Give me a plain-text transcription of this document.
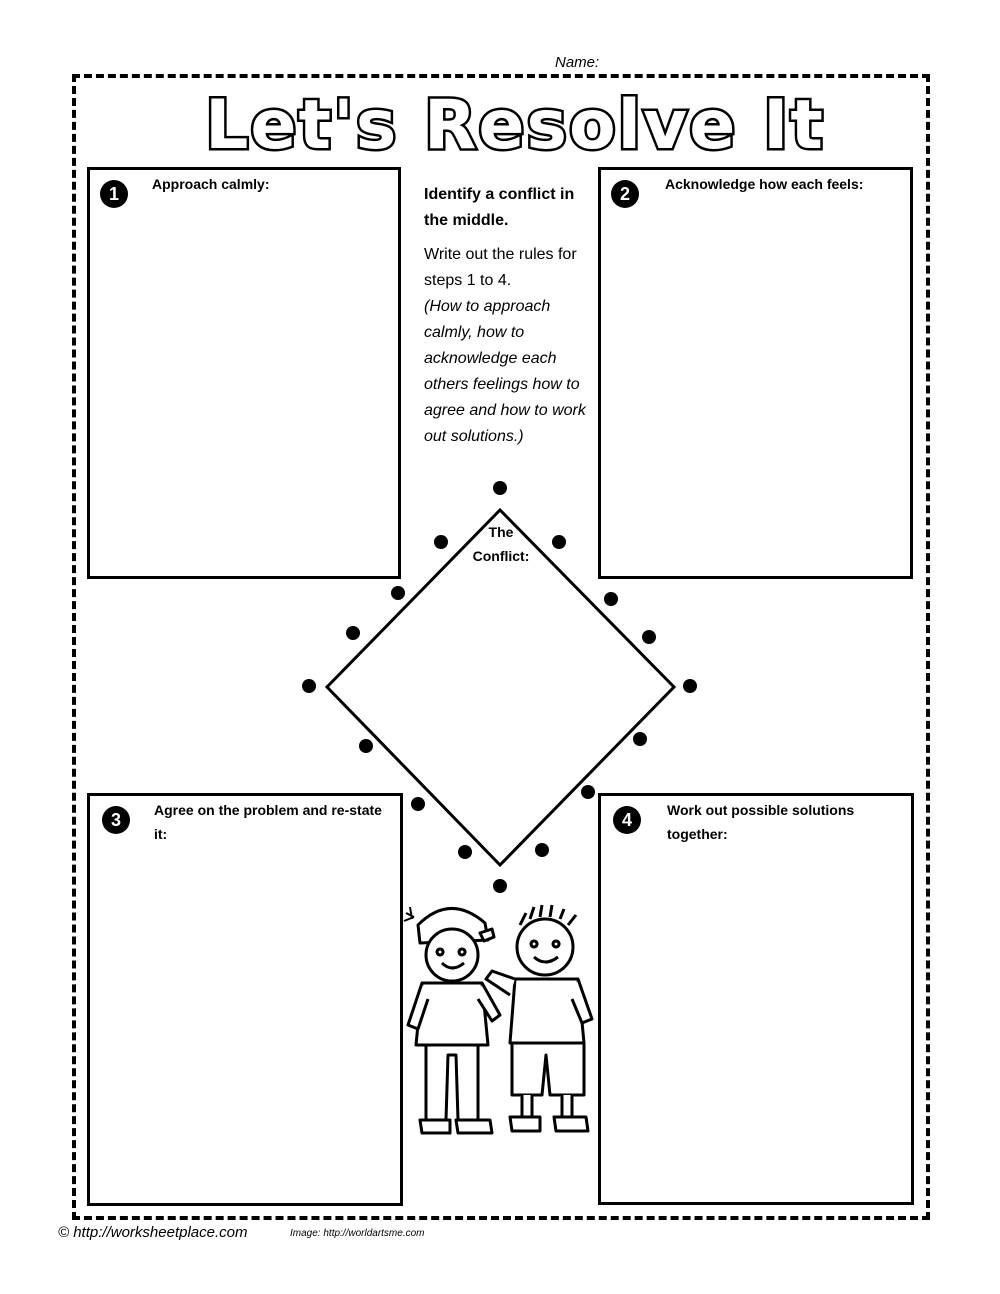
Name:
Let's Resolve It
1	Approach calmly:	2	Acknowledge how each feels:
3	Agree on the problem and re-state it:
4	Work out possible solutions together:
Identify a conflict in the middle.
Write out the rules for steps 1 to 4.
(How to approach calmly, how to acknowledge each others feelings how to agree and how to work out solutions.)
The Conflict:
© http://worksheetplace.com	Image: http://worldartsme.com
